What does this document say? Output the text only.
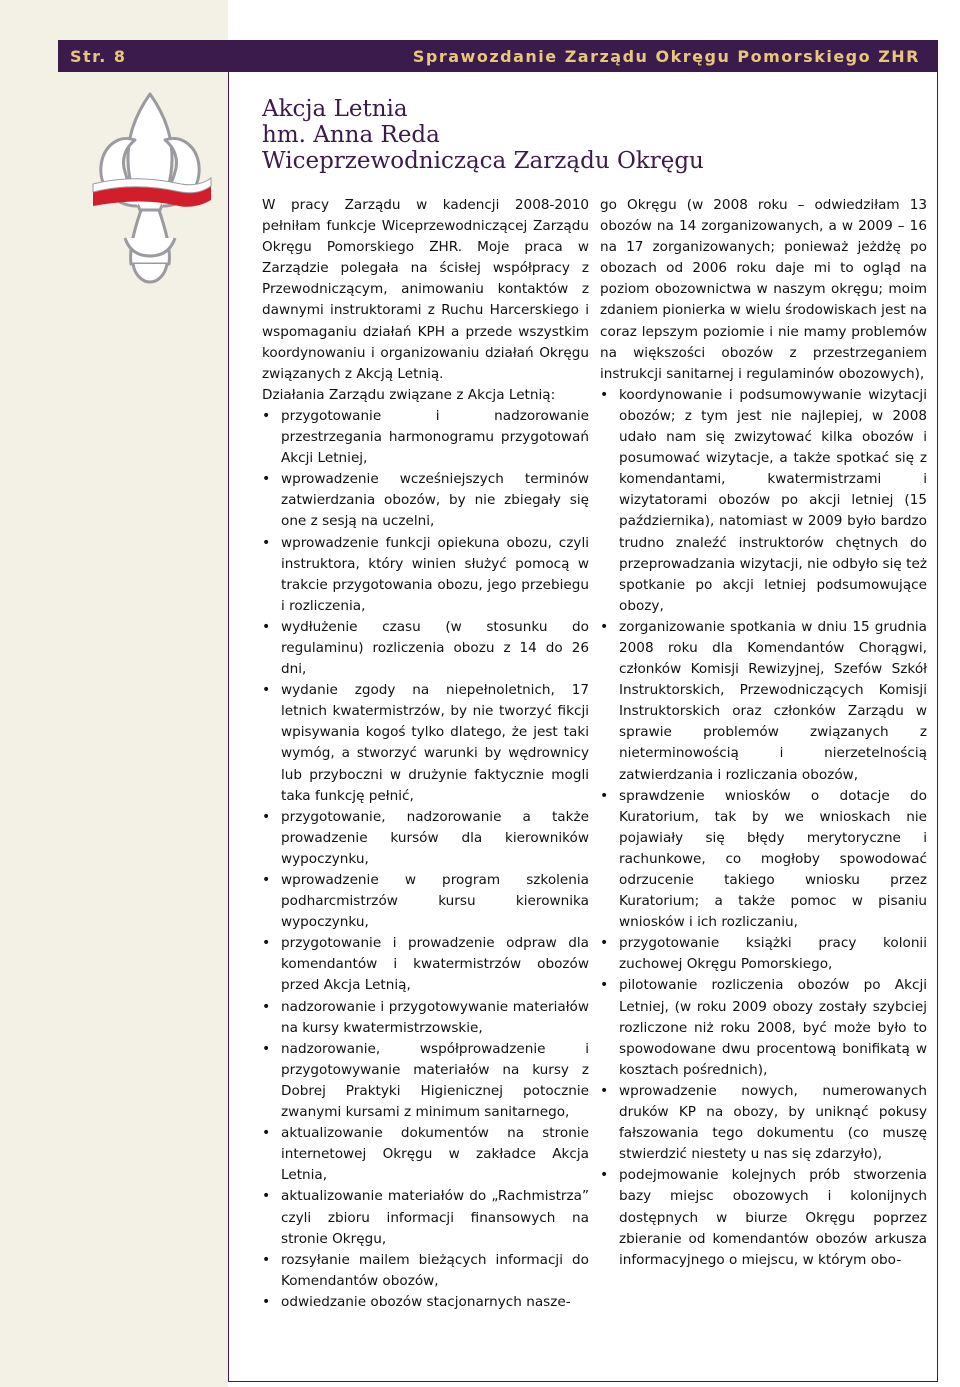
Str. 8	Sprawozdanie Zarządu Okręgu Pomorskiego ZHR
Akcja Letnia
hm. Anna Reda
Wiceprzewodnicząca Zarządu Okręgu

W pracy Zarządu w kadencji 2008-2010 pełniłam funkcje Wiceprzewodniczącej Zarządu Okręgu Pomorskiego ZHR. Moje praca w Zarządzie polegała na ścisłej współpracy z Przewodniczącym, animowaniu kontaktów z dawnymi instruktorami z Ruchu Harcerskiego i wspomaganiu działań KPH a przede wszystkim koordynowaniu i organizowaniu działań Okręgu związanych z Akcją Letnią.

Działania Zarządu związane z Akcja Letnią:

• przygotowanie i nadzorowanie przestrzegania harmonogramu przygotowań Akcji Letniej,
• wprowadzenie wcześniejszych terminów zatwierdzania obozów, by nie zbiegały się one z sesją na uczelni,
• wprowadzenie funkcji opiekuna obozu, czyli instruktora, który winien służyć pomocą w trakcie przygotowania obozu, jego przebiegu i rozliczenia,
• wydłużenie czasu (w stosunku do regulaminu) rozliczenia obozu z 14 do 26 dni,
• wydanie zgody na niepełnoletnich, 17 letnich kwatermistrzów, by nie tworzyć fikcji wpisywania kogoś tylko dlatego, że jest taki wymóg, a stworzyć warunki by wędrownicy lub przyboczni w drużynie faktycznie mogli taka funkcję pełnić,
• przygotowanie, nadzorowanie a także prowadzenie kursów dla kierowników wypoczynku,
• wprowadzenie w program szkolenia podharcmistrzów kursu kierownika wypoczynku,
• przygotowanie i prowadzenie odpraw dla komendantów i kwatermistrzów obozów przed Akcja Letnią,
• nadzorowanie i przygotowywanie materiałów na kursy kwatermistrzowskie,
• nadzorowanie, współprowadzenie i przygotowywanie materiałów na kursy z Dobrej Praktyki Higienicznej potocznie zwanymi kursami z minimum sanitarnego,
• aktualizowanie dokumentów na stronie internetowej Okręgu w zakładce Akcja Letnia,
• aktualizowanie materiałów do „Rachmistrza” czyli zbioru informacji finansowych na stronie Okręgu,
• rozsyłanie mailem bieżących informacji do Komendantów obozów,
• odwiedzanie obozów stacjonarnych nasze-

go Okręgu (w 2008 roku – odwiedziłam 13 obozów na 14 zorganizowanych, a w 2009 – 16 na 17 zorganizowanych; ponieważ jeżdżę po obozach od 2006 roku daje mi to ogląd na poziom obozownictwa w naszym okręgu; moim zdaniem pionierka w wielu środowiskach jest na coraz lepszym poziomie i nie mamy problemów na większości obozów z przestrzeganiem instrukcji sanitarnej i regulaminów obozowych),

• koordynowanie i podsumowywanie wizytacji obozów; z tym jest nie najlepiej, w 2008 udało nam się zwizytować kilka obozów i posumować wizytacje, a także spotkać się z komendantami, kwatermistrzami i wizytatorami obozów po akcji letniej (15 października), natomiast w 2009 było bardzo trudno znaleźć instruktorów chętnych do przeprowadzania wizytacji, nie odbyło się też spotkanie po akcji letniej podsumowujące obozy,
• zorganizowanie spotkania w dniu 15 grudnia 2008 roku dla Komendantów Chorągwi, członków Komisji Rewizyjnej, Szefów Szkół Instruktorskich, Przewodniczących Komisji Instruktorskich oraz członków Zarządu w sprawie problemów związanych z nieterminowością i nierzetelnością zatwierdzania i rozliczania obozów,
• sprawdzenie wniosków o dotacje do Kuratorium, tak by we wnioskach nie pojawiały się błędy merytoryczne i rachunkowe, co mogłoby spowodować odrzucenie takiego wniosku przez Kuratorium; a także pomoc w pisaniu wniosków i ich rozliczaniu,
• przygotowanie książki pracy kolonii zuchowej Okręgu Pomorskiego,
• pilotowanie rozliczenia obozów po Akcji Letniej, (w roku 2009 obozy zostały szybciej rozliczone niż roku 2008, być może było to spowodowane dwu procentową bonifikatą w kosztach pośrednich),
• wprowadzenie nowych, numerowanych druków KP na obozy, by uniknąć pokusy fałszowania tego dokumentu (co muszę stwierdzić niestety u nas się zdarzyło),
• podejmowanie kolejnych prób stworzenia bazy miejsc obozowych i kolonijnych dostępnych w biurze Okręgu poprzez zbieranie od komendantów obozów arkusza informacyjnego o miejscu, w którym obo-
